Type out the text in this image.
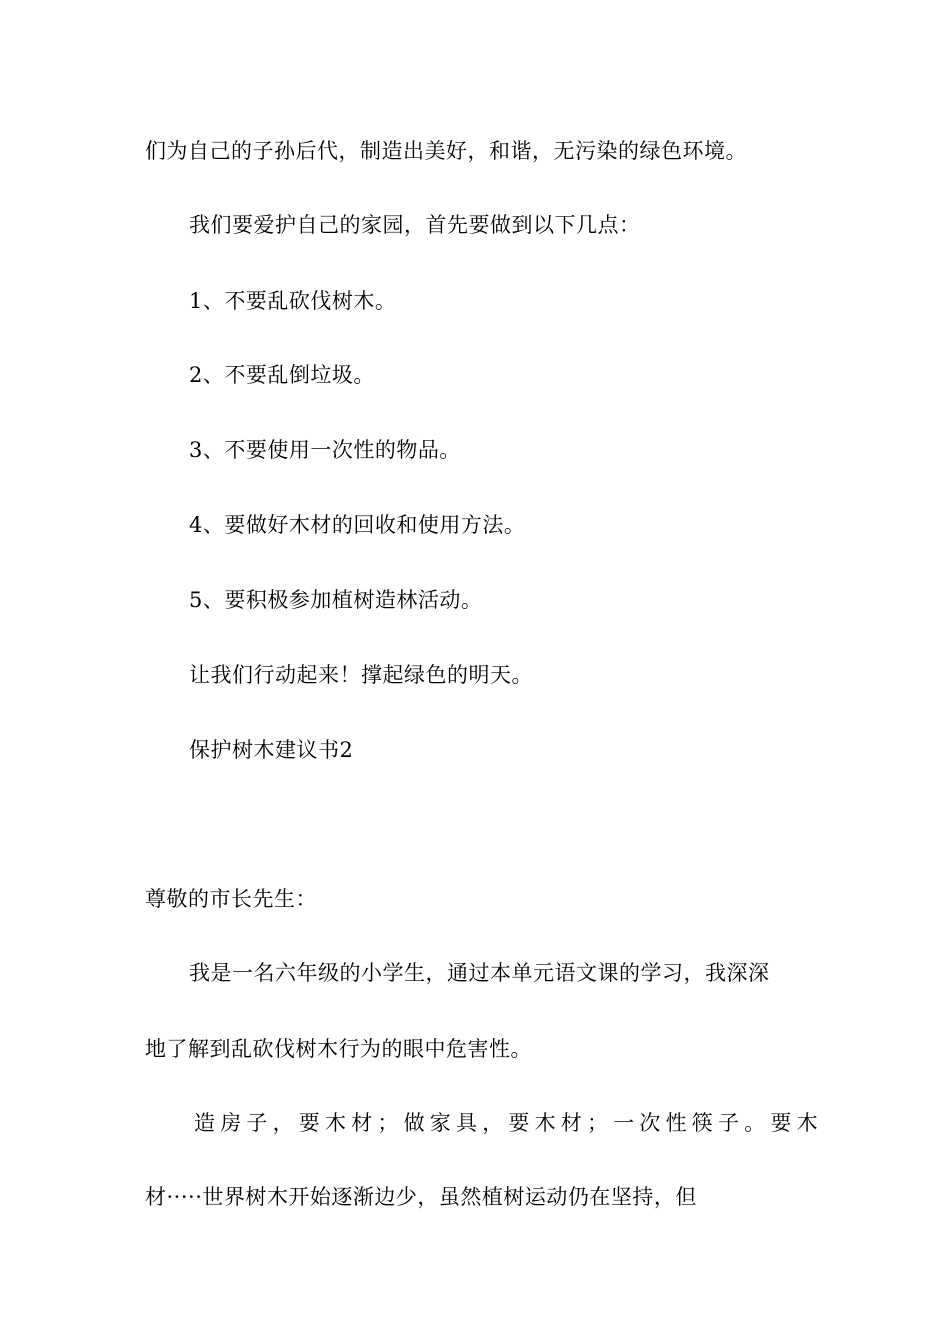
们为自己的子孙后代，制造出美好，和谐，无污染的绿色环境。
我们要爱护自己的家园，首先要做到以下几点：
1、不要乱砍伐树木。
2、不要乱倒垃圾。
3、不要使用一次性的物品。
4、要做好木材的回收和使用方法。
5、要积极参加植树造林活动。
让我们行动起来！撑起绿色的明天。
保护树木建议书2
尊敬的市长先生：
我是一名六年级的小学生，通过本单元语文课的学习，我深深
地了解到乱砍伐树木行为的眼中危害性。
造房子，要木材；做家具，要木材；一次性筷子。要木
材·····世界树木开始逐渐边少，虽然植树运动仍在坚持，但
